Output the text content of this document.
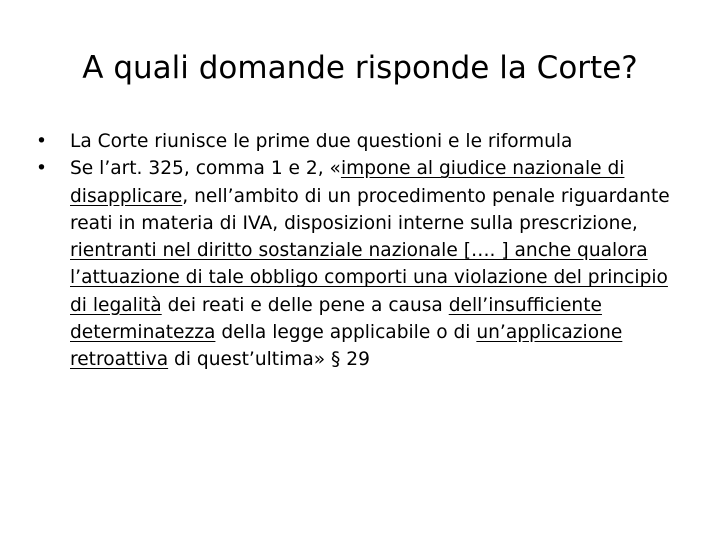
A quali domande risponde la Corte?
• La Corte riunisce le prime due questioni e le riformula
• Se l’art. 325, comma 1 e 2, «impone al giudice nazionale di disapplicare, nell’ambito di un procedimento penale riguardante reati in materia di IVA, disposizioni interne sulla prescrizione, rientranti nel diritto sostanziale nazionale […. ] anche qualora l’attuazione di tale obbligo comporti una violazione del principio di legalità dei reati e delle pene a causa dell’insufficiente determinatezza della legge applicabile o di un’applicazione retroattiva di quest’ultima» § 29
